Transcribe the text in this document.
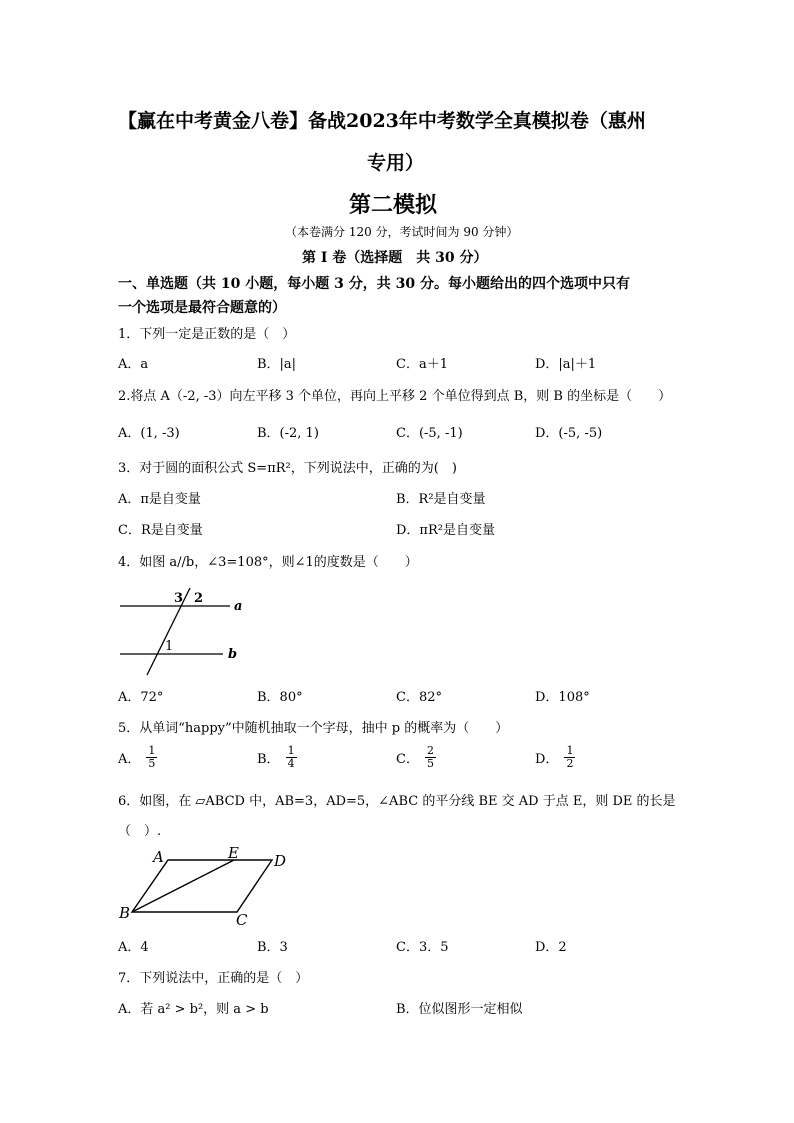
【赢在中考黄金八卷】备战2023年中考数学全真模拟卷（惠州
专用）
第二模拟
（本卷满分 120 分，考试时间为 90 分钟）
第 I 卷（选择题　共 30 分）
一、单选题（共 10 小题，每小题 3 分，共 30 分。每小题给出的四个选项中只有
一个选项是最符合题意的）
1．下列一定是正数的是（　）
A．a	B．|a|	C．a＋1	D．|a|＋1
2.将点 A（-2, -3）向左平移 3 个单位，再向上平移 2 个单位得到点 B，则 B 的坐标是（　　）
A．(1, -3)	B．(-2, 1)	C．(-5, -1)	D．(-5, -5)
3．对于圆的面积公式 S=πR²，下列说法中，正确的为(　)
A．π是自变量	B．R²是自变量
C．R是自变量	D．πR²是自变量
4．如图 a//b，∠3=108°，则∠1的度数是（　　）
3 2
a
1
b
A．72°	B．80°	C．82°	D．108°
5．从单词“happy”中随机抽取一个字母，抽中 p 的概率为（　　）
A． $\frac{1}{5}$	B． $\frac{1}{4}$	C． $\frac{2}{5}$	D． $\frac{1}{2}$
6．如图，在 ▱ABCD 中，AB=3，AD=5，∠ABC 的平分线 BE 交 AD 于点 E，则 DE 的长是
（　）.
A	E D
B	C
A．4	B．3	C．3．5	D．2
7．下列说法中，正确的是（　）
A．若 a² > b²，则 a > b	B．位似图形一定相似
